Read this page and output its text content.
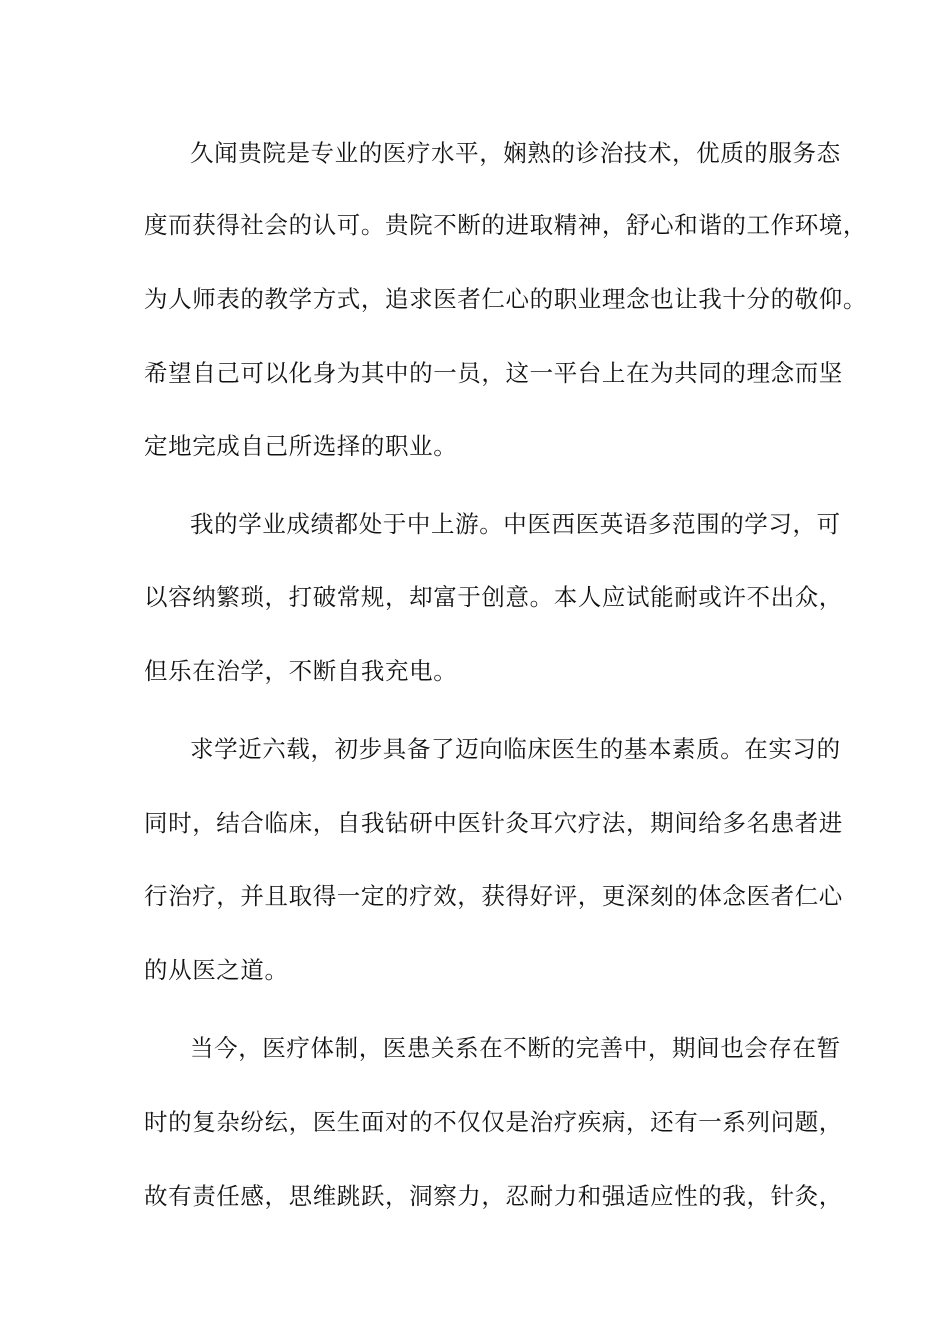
久闻贵院是专业的医疗水平，娴熟的诊治技术，优质的服务态
度而获得社会的认可。贵院不断的进取精神，舒心和谐的工作环境，
为人师表的教学方式，追求医者仁心的职业理念也让我十分的敬仰。
希望自己可以化身为其中的一员，这一平台上在为共同的理念而坚
定地完成自己所选择的职业。
我的学业成绩都处于中上游。中医西医英语多范围的学习，可
以容纳繁琐，打破常规，却富于创意。本人应试能耐或许不出众，
但乐在治学，不断自我充电。
求学近六载，初步具备了迈向临床医生的基本素质。在实习的
同时，结合临床，自我钻研中医针灸耳穴疗法，期间给多名患者进
行治疗，并且取得一定的疗效，获得好评，更深刻的体念医者仁心
的从医之道。
当今，医疗体制，医患关系在不断的完善中，期间也会存在暂
时的复杂纷纭，医生面对的不仅仅是治疗疾病，还有一系列问题，
故有责任感，思维跳跃，洞察力，忍耐力和强适应性的我，针灸，
